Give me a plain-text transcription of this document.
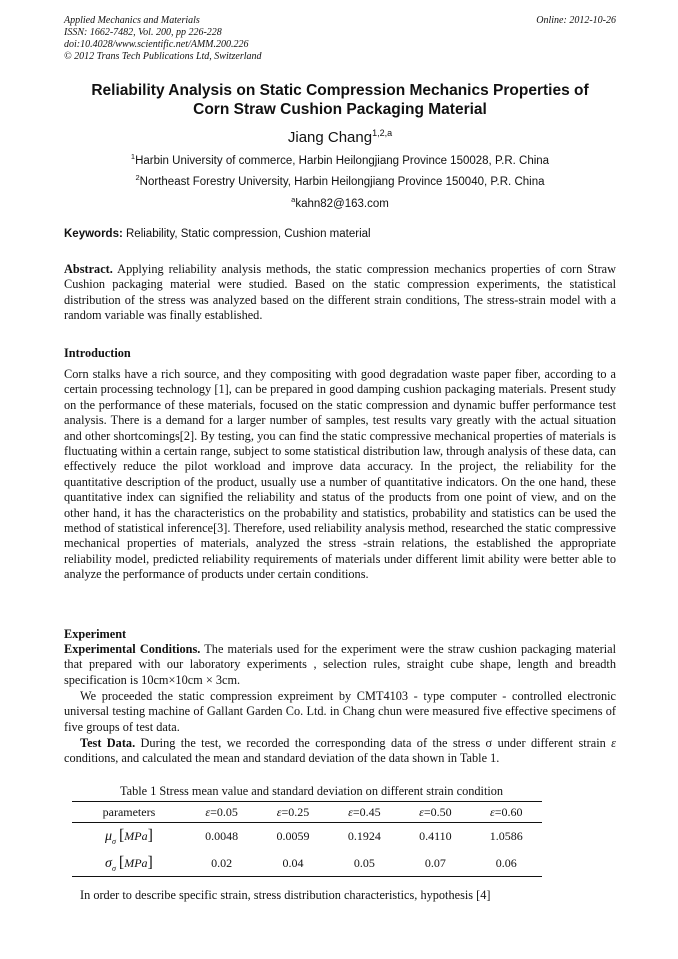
Applied Mechanics and Materials
ISSN: 1662-7482, Vol. 200, pp 226-228
doi:10.4028/www.scientific.net/AMM.200.226
© 2012 Trans Tech Publications Ltd, Switzerland
Online: 2012-10-26
Reliability Analysis on Static Compression Mechanics Properties of
Corn Straw Cushion Packaging Material
Jiang Chang$^{1,2,a}$
$^1$Harbin University of commerce, Harbin Heilongjiang Province 150028, P.R. China
$^2$Northeast Forestry University, Harbin Heilongjiang Province 150040, P.R. China
$^a$kahn82@163.com
Keywords: Reliability, Static compression, Cushion material

Abstract. Applying reliability analysis methods, the static compression mechanics properties of corn Straw Cushion packaging material were studied. Based on the static compression experiments, the statistical distribution of the stress was analyzed based on the different strain conditions, The stress-strain model with a random variable was finally established.

Introduction

Corn stalks have a rich source, and they compositing with good degradation waste paper fiber, according to a certain processing technology [1], can be prepared in good damping cushion packaging materials. Present study on the performance of these materials, focused on the static compression and dynamic buffer performance test analysis. There is a demand for a larger number of samples, test results vary greatly with the actual situation and other shortcomings[2]. By testing, you can find the static compressive mechanical properties of materials is fluctuating within a certain range, subject to some statistical distribution law, through analysis of these data, can effectively reduce the pilot workload and improve data accuracy. In the project, the reliability for the quantitative description of the product, usually use a number of quantitative indicators. On the one hand, these quantitative index can signified the reliability and status of the products from one point of view, and on the other hand, it has the characteristics on the probability and statistics, probability and statistics can be used the method of statistical inference[3]. Therefore, used reliability analysis method, researched the static compressive mechanical properties of materials, analyzed the stress -strain relations, the established the appropriate reliability model, predicted reliability requirements of materials under different limit ability were better able to analyze the performance of products under certain conditions.

Experiment

Experimental Conditions. The materials used for the experiment were the straw cushion packaging material that prepared with our laboratory experiments , selection rules, straight cube shape, length and breadth specification is 10cm×10cm × 3cm.

We proceeded the static compression expreiment by CMT4103 - type computer - controlled electronic universal testing machine of Gallant Garden Co. Ltd. in Chang chun were measured five effective specimens of five groups of test data.

Test Data. During the test, we recorded the corresponding data of the stress σ under different strain ε conditions, and calculated the mean and standard deviation of the data shown in Table 1.

Table 1 Stress mean value and standard deviation on different strain condition
parameters	ε=0.05	ε=0.25	ε=0.45	ε=0.50	ε=0.60
$\mu_\sigma$ [MPa]	0.0048	0.0059	0.1924	0.4110	1.0586
$\sigma_\sigma$ [MPa]	0.02	0.04	0.05	0.07	0.06
In order to describe specific strain, stress distribution characteristics, hypothesis [4]
